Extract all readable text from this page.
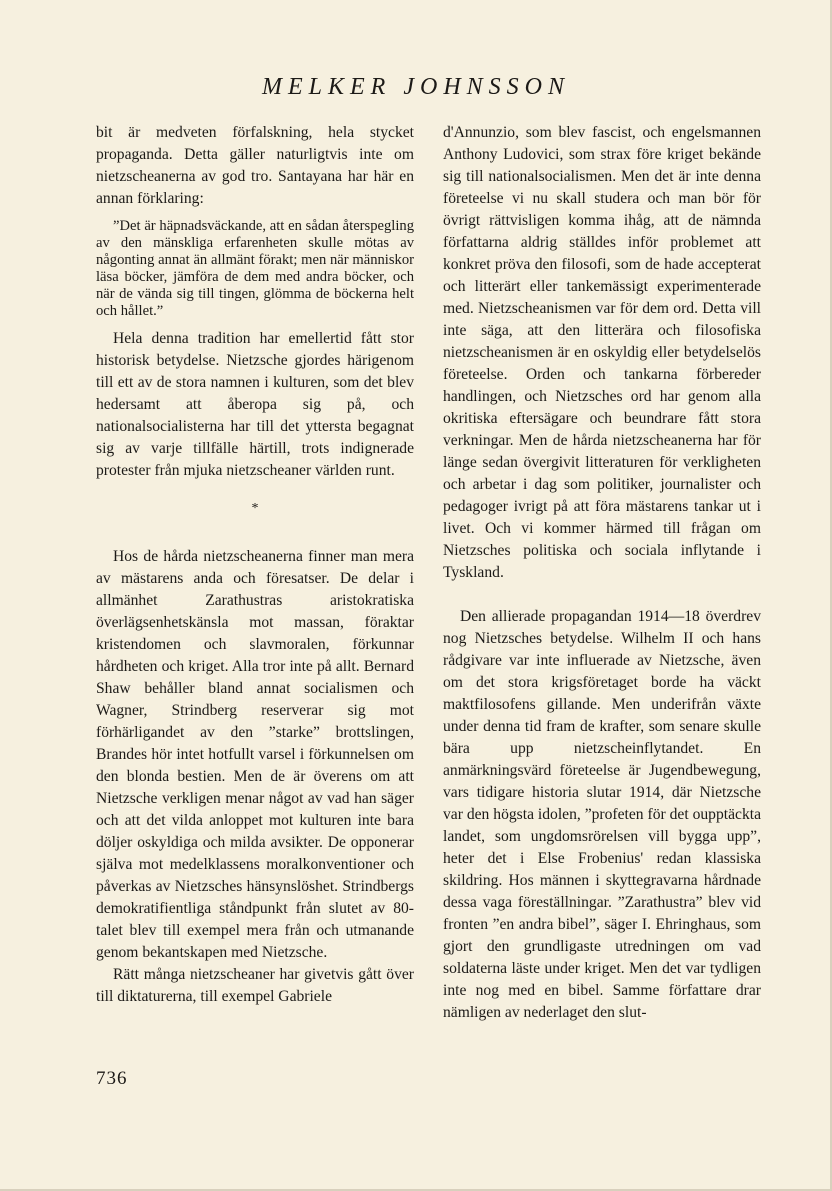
MELKER JOHNSSON

bit är medveten förfalskning, hela stycket propaganda. Detta gäller naturligtvis inte om nietzscheanerna av god tro. Santayana har här en annan förklaring:

”Det är häpnadsväckande, att en sådan återspegling av den mänskliga erfarenheten skulle mötas av någonting annat än allmänt förakt; men när människor läsa böcker, jämföra de dem med andra böcker, och när de vända sig till tingen, glömma de böckerna helt och hållet.”

Hela denna tradition har emellertid fått stor historisk betydelse. Nietzsche gjordes härigenom till ett av de stora namnen i kulturen, som det blev hedersamt att åberopa sig på, och nationalsocialisterna har till det yttersta begagnat sig av varje tillfälle härtill, trots indignerade protester från mjuka nietzscheaner världen runt.

*

Hos de hårda nietzscheanerna finner man mera av mästarens anda och föresatser. De delar i allmänhet Zarathustras aristokratiska överlägsenhetskänsla mot massan, föraktar kristendomen och slavmoralen, förkunnar hårdheten och kriget. Alla tror inte på allt. Bernard Shaw behåller bland annat socialismen och Wagner, Strindberg reserverar sig mot förhärligandet av den ”starke” brottslingen, Brandes hör intet hotfullt varsel i förkunnelsen om den blonda bestien. Men de är överens om att Nietzsche verkligen menar något av vad han säger och att det vilda anloppet mot kulturen inte bara döljer oskyldiga och milda avsikter. De opponerar själva mot medelklassens moralkonventioner och påverkas av Nietzsches hänsynslöshet. Strindbergs demokratifientliga ståndpunkt från slutet av 80-talet blev till exempel mera från och utmanande genom bekantskapen med Nietzsche.

Rätt många nietzscheaner har givetvis gått över till diktaturerna, till exempel Gabriele

d'Annunzio, som blev fascist, och engelsmannen Anthony Ludovici, som strax före kriget bekände sig till nationalsocialismen. Men det är inte denna företeelse vi nu skall studera och man bör för övrigt rättvisligen komma ihåg, att de nämnda författarna aldrig ställdes inför problemet att konkret pröva den filosofi, som de hade accepterat och litterärt eller tankemässigt experimenterade med. Nietzscheanismen var för dem ord. Detta vill inte säga, att den litterära och filosofiska nietzscheanismen är en oskyldig eller betydelselös företeelse. Orden och tankarna förbereder handlingen, och Nietzsches ord har genom alla okritiska eftersägare och beundrare fått stora verkningar. Men de hårda nietzscheanerna har för länge sedan övergivit litteraturen för verkligheten och arbetar i dag som politiker, journalister och pedagoger ivrigt på att föra mästarens tankar ut i livet. Och vi kommer härmed till frågan om Nietzsches politiska och sociala inflytande i Tyskland.

Den allierade propagandan 1914—18 överdrev nog Nietzsches betydelse. Wilhelm II och hans rådgivare var inte influerade av Nietzsche, även om det stora krigsföretaget borde ha väckt maktfilosofens gillande. Men underifrån växte under denna tid fram de krafter, som senare skulle bära upp nietzscheinflytandet. En anmärkningsvärd företeelse är Jugendbewegung, vars tidigare historia slutar 1914, där Nietzsche var den högsta idolen, ”profeten för det oupptäckta landet, som ungdomsrörelsen vill bygga upp”, heter det i Else Frobenius' redan klassiska skildring. Hos männen i skyttegravarna hårdnade dessa vaga föreställningar. ”Zarathustra” blev vid fronten ”en andra bibel”, säger I. Ehringhaus, som gjort den grundligaste utredningen om vad soldaterna läste under kriget. Men det var tydligen inte nog med en bibel. Samme författare drar nämligen av nederlaget den slut-

736
